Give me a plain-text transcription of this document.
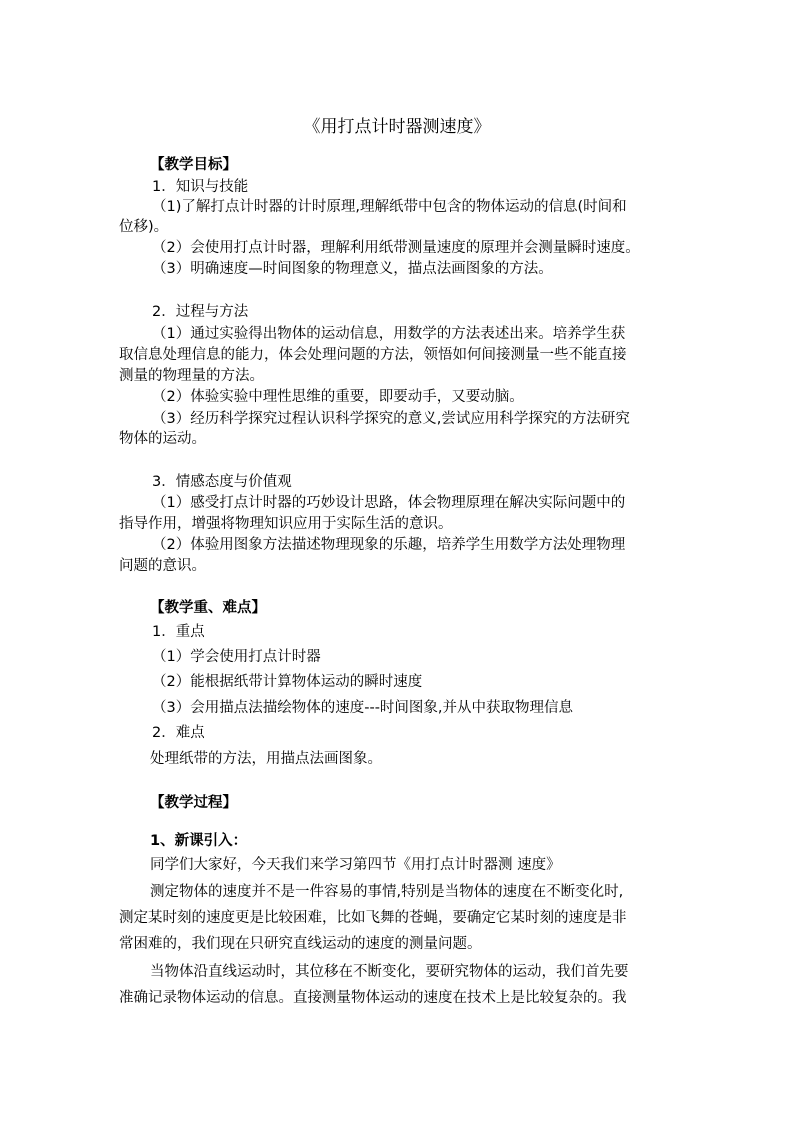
《用打点计时器测速度》
【教学目标】
1．知识与技能
（1)了解打点计时器的计时原理,理解纸带中包含的物体运动的信息(时间和
位移)。
（2）会使用打点计时器，理解利用纸带测量速度的原理并会测量瞬时速度。
（3）明确速度—时间图象的物理意义，描点法画图象的方法。
2．过程与方法
（1）通过实验得出物体的运动信息，用数学的方法表述出来。培养学生获
取信息处理信息的能力，体会处理问题的方法，领悟如何间接测量一些不能直接
测量的物理量的方法。
（2）体验实验中理性思维的重要，即要动手，又要动脑。
（3）经历科学探究过程认识科学探究的意义,尝试应用科学探究的方法研究
物体的运动。
3．情感态度与价值观
（1）感受打点计时器的巧妙设计思路，体会物理原理在解决实际问题中的
指导作用，增强将物理知识应用于实际生活的意识。
（2）体验用图象方法描述物理现象的乐趣，培养学生用数学方法处理物理
问题的意识。
【教学重、难点】
1．重点
（1）学会使用打点计时器
（2）能根据纸带计算物体运动的瞬时速度
（3）会用描点法描绘物体的速度---时间图象,并从中获取物理信息
2．难点
处理纸带的方法，用描点法画图象。
【教学过程】
1、新课引入：
同学们大家好，今天我们来学习第四节《用打点计时器测 速度》
测定物体的速度并不是一件容易的事情,特别是当物体的速度在不断变化时,
测定某时刻的速度更是比较困难，比如飞舞的苍蝇，要确定它某时刻的速度是非
常困难的，我们现在只研究直线运动的速度的测量问题。
当物体沿直线运动时，其位移在不断变化，要研究物体的运动，我们首先要
准确记录物体运动的信息。直接测量物体运动的速度在技术上是比较复杂的。我
